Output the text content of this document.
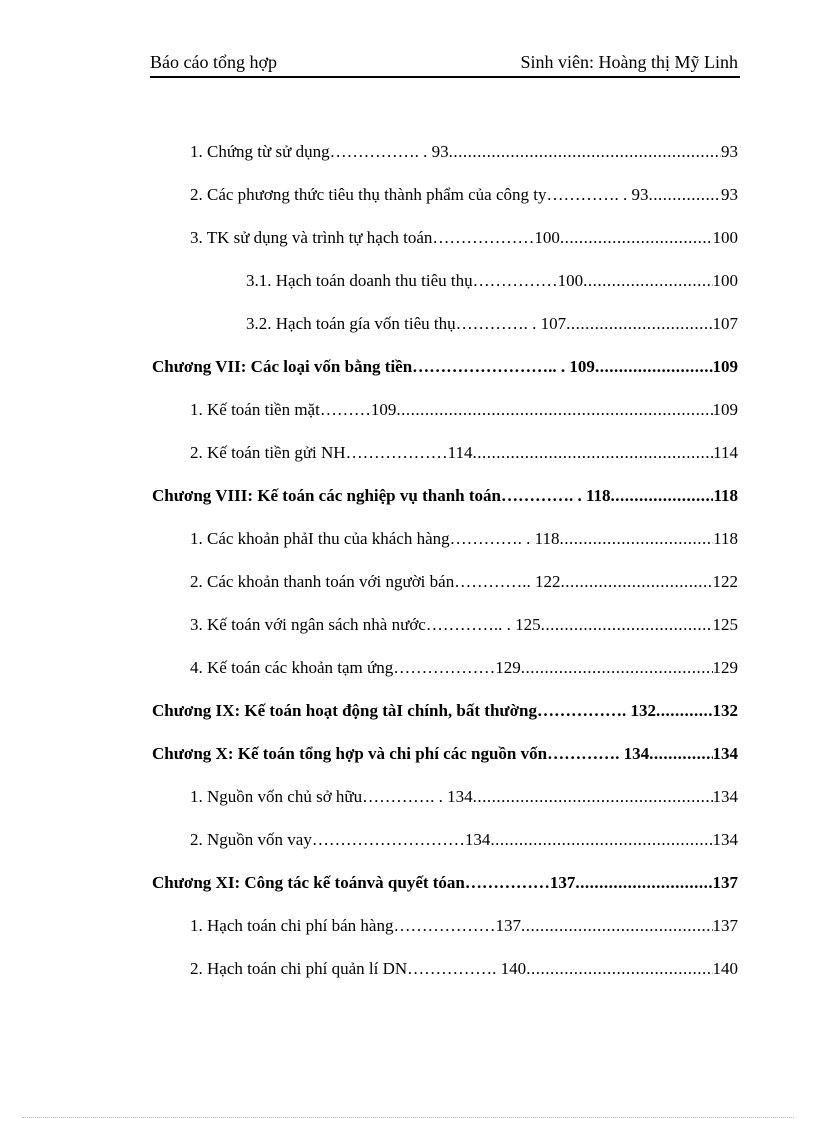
Báo cáo tổng hợp	Sinh viên: Hoàng thị Mỹ Linh
1. Chứng từ sử dụng……………. . 93 .....	93
2. Các phương thức tiêu thụ thành phẩm của công ty…………. . 93 .....	93
3. TK sử dụng và trình tự hạch toán………………100 .....	100
3.1. Hạch toán doanh thu tiêu thụ……………100 .....	100
3.2. Hạch toán gía vốn tiêu thụ…………. . 107 .....	107
Chương VII: Các loại vốn bằng tiền…………………….. . 109 .....	109
1. Kế toán tiền mặt………109 .....	109
2. Kế toán tiền gửi NH………………114 .....	114
Chương VIII: Kế toán các nghiệp vụ thanh toán…………. . 118 .....	118
1. Các khoản phảI thu của khách hàng…………. . 118 .....	118
2. Các khoản thanh toán với người bán………….. 122 .....	122
3. Kế toán với ngân sách nhà nước………….. . 125 .....	125
4. Kế toán các khoản tạm ứng………………129 .....	129
Chương IX: Kế toán hoạt động tàI chính, bất thường……………. 132 .....	132
Chương X: Kế toán tổng hợp và chi phí các nguồn vốn…………. 134 .....	134
1. Nguồn vốn chủ sở hữu…………. . 134 .....	134
2. Nguồn vốn vay………………………134 .....	134
Chương XI: Công tác kế toánvà quyết tóan……………137 .....	137
1. Hạch toán chi phí bán hàng………………137 .....	137
2. Hạch toán chi phí quản lí DN……………. 140 .....	140
